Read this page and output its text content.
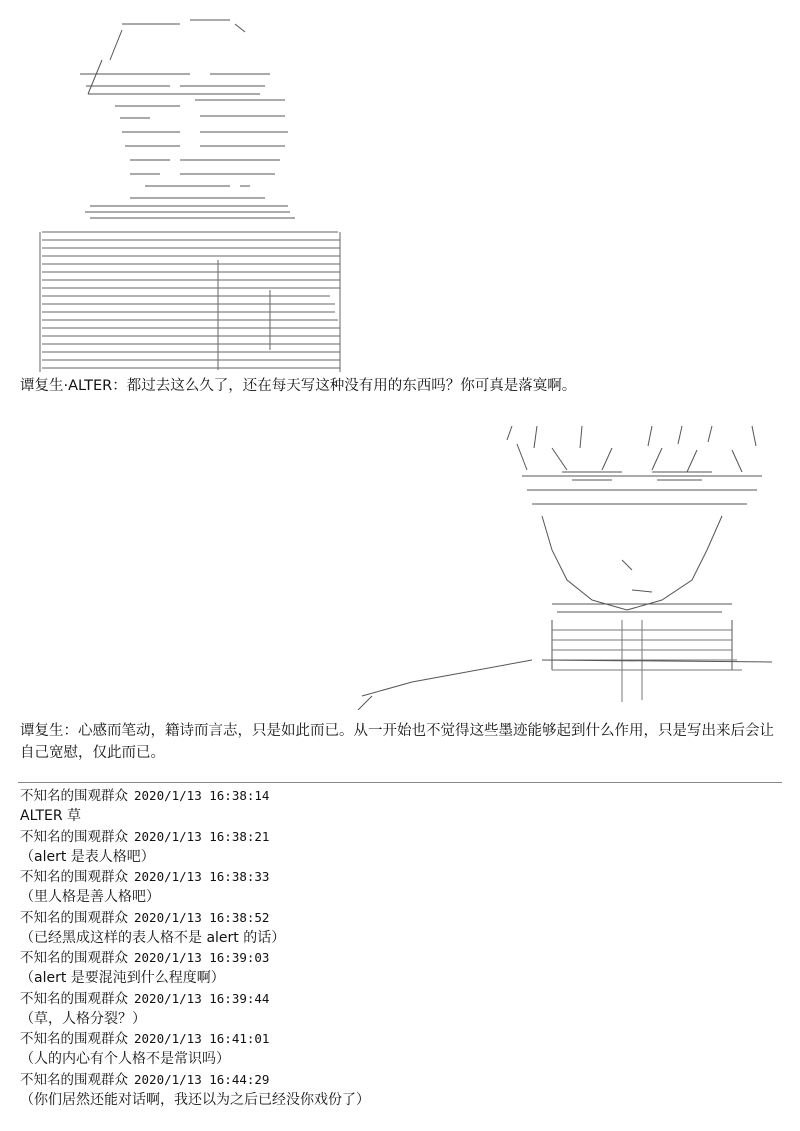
谭复生·ALTER：都过去这么久了，还在每天写这种没有用的东西吗？你可真是落寞啊。
谭复生：心感而笔动，籍诗而言志，只是如此而已。从一开始也不觉得这些墨迹能够起到什么作用，只是写出来后会让自己宽慰，仅此而已。
不知名的围观群众 2020/1/13 16:38:14
ALTER 草
不知名的围观群众 2020/1/13 16:38:21
（alert 是表人格吧）
不知名的围观群众 2020/1/13 16:38:33
（里人格是善人格吧）
不知名的围观群众 2020/1/13 16:38:52
（已经黑成这样的表人格不是 alert 的话）
不知名的围观群众 2020/1/13 16:39:03
（alert 是要混沌到什么程度啊）
不知名的围观群众 2020/1/13 16:39:44
（草，人格分裂？）
不知名的围观群众 2020/1/13 16:41:01
（人的内心有个人格不是常识吗）
不知名的围观群众 2020/1/13 16:44:29
（你们居然还能对话啊，我还以为之后已经没你戏份了）
